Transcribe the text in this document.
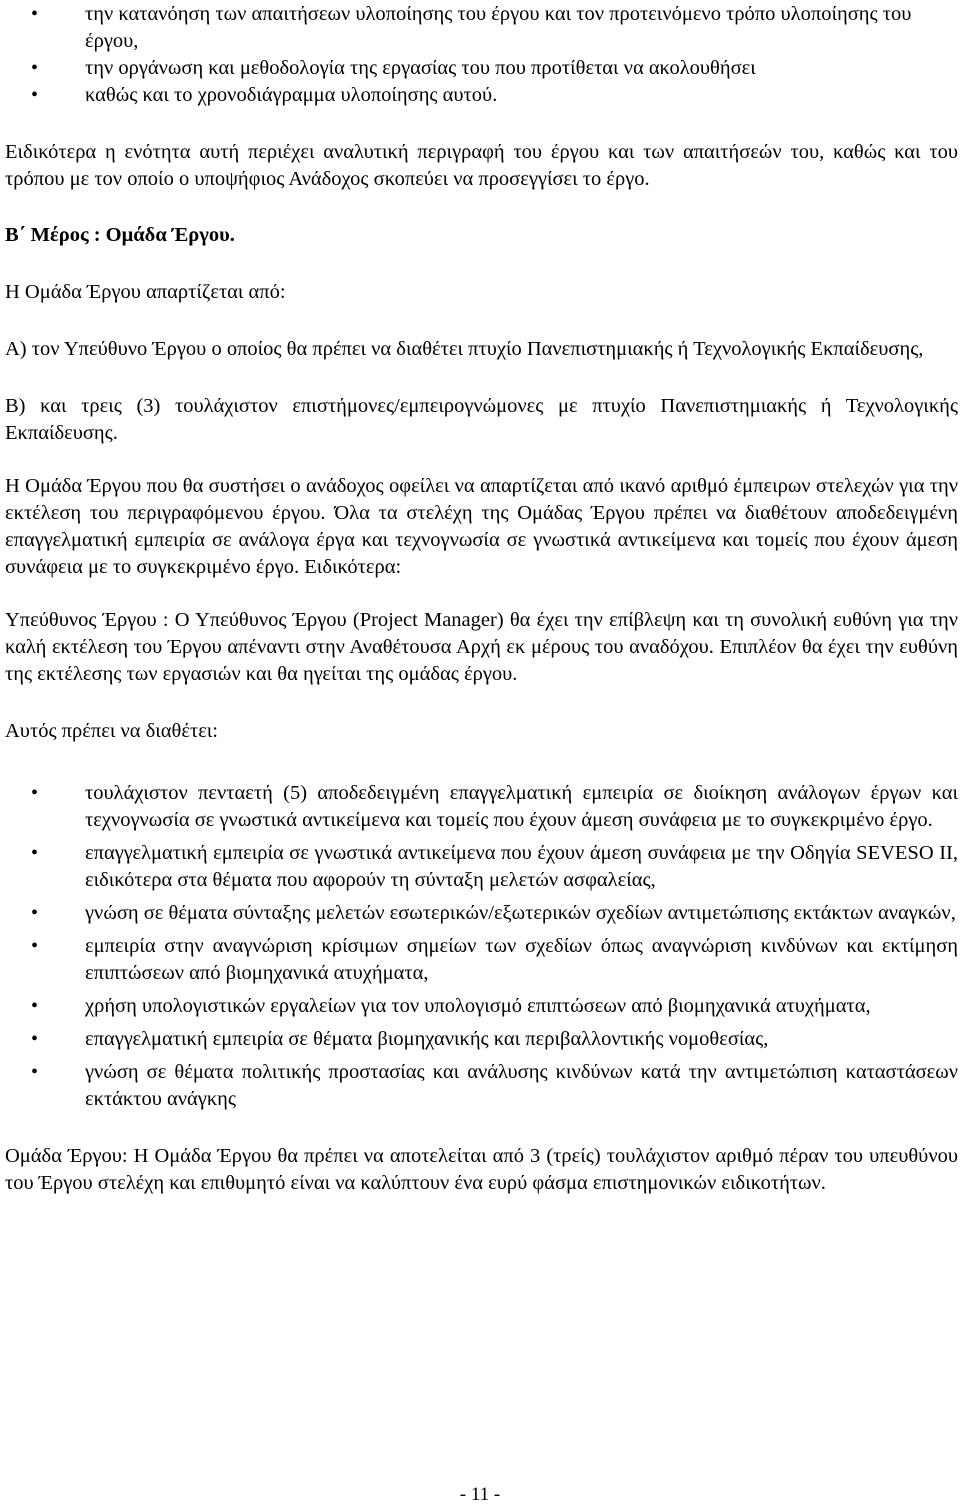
• την κατανόηση των απαιτήσεων υλοποίησης του έργου και τον προτεινόμενο τρόπο υλοποίησης του έργου,
• την οργάνωση και μεθοδολογία της εργασίας του που προτίθεται να ακολουθήσει
• καθώς και το χρονοδιάγραμμα υλοποίησης αυτού.

Ειδικότερα η ενότητα αυτή περιέχει αναλυτική περιγραφή του έργου και των απαιτήσεών του, καθώς και του τρόπου με τον οποίο ο υποψήφιος Ανάδοχος σκοπεύει να προσεγγίσει το έργο.

Β΄ Μέρος : Ομάδα Έργου.

Η Ομάδα Έργου απαρτίζεται από:

Α) τον Υπεύθυνο Έργου ο οποίος θα πρέπει να διαθέτει πτυχίο Πανεπιστημιακής ή Τεχνολογικής Εκπαίδευσης,

Β) και τρεις (3) τουλάχιστον επιστήμονες/εμπειρογνώμονες με πτυχίο Πανεπιστημιακής ή Τεχνολογικής Εκπαίδευσης.

Η Ομάδα Έργου που θα συστήσει ο ανάδοχος οφείλει να απαρτίζεται από ικανό αριθμό έμπειρων στελεχών για την εκτέλεση του περιγραφόμενου έργου. Όλα τα στελέχη της Ομάδας Έργου πρέπει να διαθέτουν αποδεδειγμένη επαγγελματική εμπειρία σε ανάλογα έργα και τεχνογνωσία σε γνωστικά αντικείμενα και τομείς που έχουν άμεση συνάφεια με το συγκεκριμένο έργο. Ειδικότερα:

Υπεύθυνος Έργου : Ο Υπεύθυνος Έργου (Project Manager) θα έχει την επίβλεψη και τη συνολική ευθύνη για την καλή εκτέλεση του Έργου απέναντι στην Αναθέτουσα Αρχή εκ μέρους του αναδόχου. Επιπλέον θα έχει την ευθύνη της εκτέλεσης των εργασιών και θα ηγείται της ομάδας έργου.

Αυτός πρέπει να διαθέτει:

• τουλάχιστον πενταετή (5) αποδεδειγμένη επαγγελματική εμπειρία σε διοίκηση ανάλογων έργων και τεχνογνωσία σε γνωστικά αντικείμενα και τομείς που έχουν άμεση συνάφεια με το συγκεκριμένο έργο.
• επαγγελματική εμπειρία σε γνωστικά αντικείμενα που έχουν άμεση συνάφεια με την Οδηγία SEVESO II, ειδικότερα στα θέματα που αφορούν τη σύνταξη μελετών ασφαλείας,
• γνώση σε θέματα σύνταξης μελετών εσωτερικών/εξωτερικών σχεδίων αντιμετώπισης εκτάκτων αναγκών,
• εμπειρία στην αναγνώριση κρίσιμων σημείων των σχεδίων όπως αναγνώριση κινδύνων και εκτίμηση επιπτώσεων από βιομηχανικά ατυχήματα,
• χρήση υπολογιστικών εργαλείων για τον υπολογισμό επιπτώσεων από βιομηχανικά ατυχήματα,
• επαγγελματική εμπειρία σε θέματα βιομηχανικής και περιβαλλοντικής νομοθεσίας,
• γνώση σε θέματα πολιτικής προστασίας και ανάλυσης κινδύνων κατά την αντιμετώπιση καταστάσεων εκτάκτου ανάγκης

Ομάδα Έργου: Η Ομάδα Έργου θα πρέπει να αποτελείται από 3 (τρείς) τουλάχιστον αριθμό πέραν του υπευθύνου του Έργου στελέχη και επιθυμητό είναι να καλύπτουν ένα ευρύ φάσμα επιστημονικών ειδικοτήτων.

- 11 -
